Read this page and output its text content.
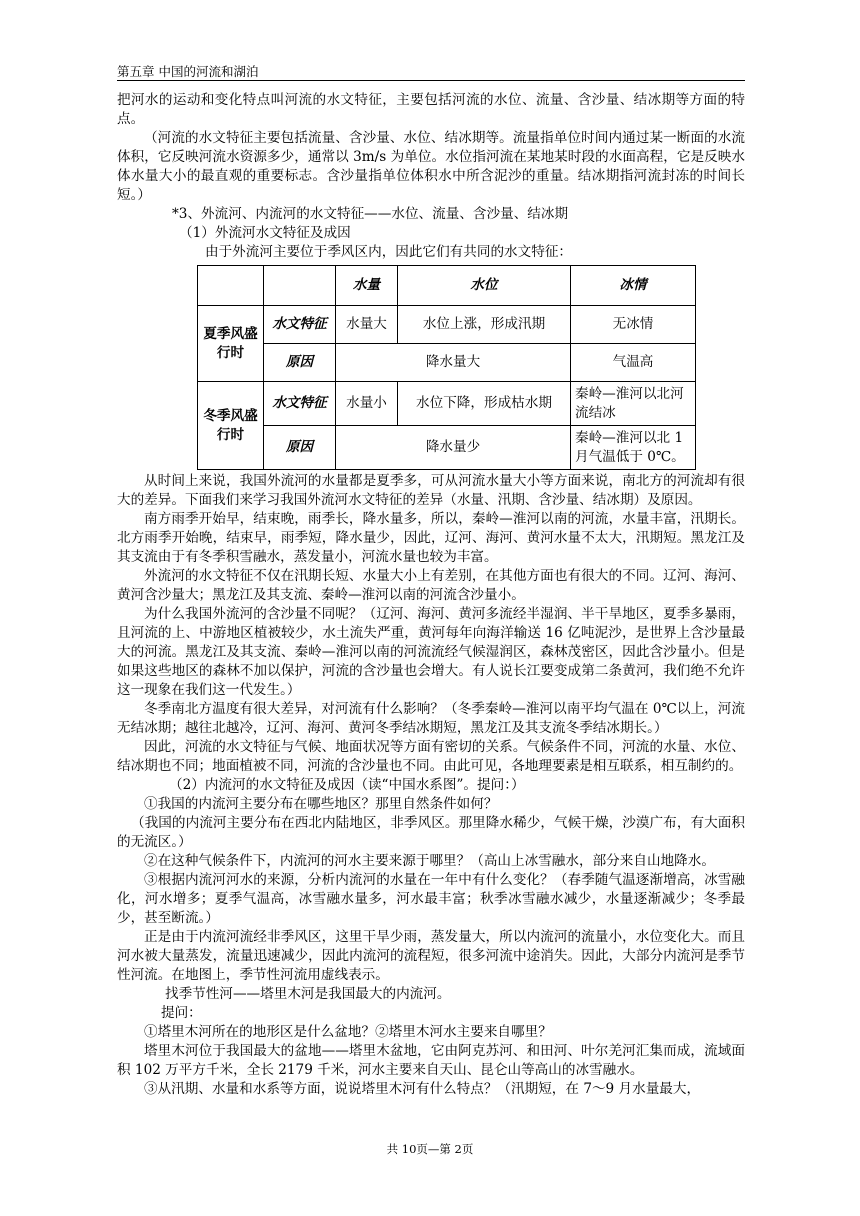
第五章 中国的河流和湖泊

把河水的运动和变化特点叫河流的水文特征，主要包括河流的水位、流量、含沙量、结冰期等方面的特点。

（河流的水文特征主要包括流量、含沙量、水位、结冰期等。流量指单位时间内通过某一断面的水流体积，它反映河流水资源多少，通常以 3m/s 为单位。水位指河流在某地某时段的水面高程，它是反映水体水量大小的最直观的重要标志。含沙量指单位体积水中所含泥沙的重量。结冰期指河流封冻的时间长短。）

*3、外流河、内流河的水文特征——水位、流量、含沙量、结冰期

（1）外流河水文特征及成因

由于外流河主要位于季风区内，因此它们有共同的水文特征：

		水量	水位	冰情
夏季风盛行时	水文特征	水量大	水位上涨，形成汛期	无冰情
	原因	降水量大		气温高
冬季风盛行时	水文特征	水量小	水位下降，形成枯水期	秦岭—淮河以北河流结冰
	原因	降水量少		秦岭—淮河以北 1 月气温低于 0℃。

从时间上来说，我国外流河的水量都是夏季多，可从河流水量大小等方面来说，南北方的河流却有很大的差异。下面我们来学习我国外流河水文特征的差异（水量、汛期、含沙量、结冰期）及原因。

南方雨季开始早，结束晚，雨季长，降水量多，所以，秦岭—淮河以南的河流，水量丰富，汛期长。北方雨季开始晚，结束早，雨季短，降水量少，因此，辽河、海河、黄河水量不太大，汛期短。黑龙江及其支流由于有冬季积雪融水，蒸发量小，河流水量也较为丰富。

外流河的水文特征不仅在汛期长短、水量大小上有差别，在其他方面也有很大的不同。辽河、海河、黄河含沙量大；黑龙江及其支流、秦岭—淮河以南的河流含沙量小。

为什么我国外流河的含沙量不同呢？（辽河、海河、黄河多流经半湿润、半干旱地区，夏季多暴雨，且河流的上、中游地区植被较少，水土流失严重，黄河每年向海洋输送 16 亿吨泥沙，是世界上含沙量最大的河流。黑龙江及其支流、秦岭—淮河以南的河流流经气候湿润区，森林茂密区，因此含沙量小。但是如果这些地区的森林不加以保护，河流的含沙量也会增大。有人说长江要变成第二条黄河，我们绝不允许这一现象在我们这一代发生。）

冬季南北方温度有很大差异，对河流有什么影响？（冬季秦岭—淮河以南平均气温在 0℃以上，河流无结冰期；越往北越冷，辽河、海河、黄河冬季结冰期短，黑龙江及其支流冬季结冰期长。）

因此，河流的水文特征与气候、地面状况等方面有密切的关系。气候条件不同，河流的水量、水位、结冰期也不同；地面植被不同，河流的含沙量也不同。由此可见，各地理要素是相互联系，相互制约的。

（2）内流河的水文特征及成因（读“中国水系图”。提问：）

①我国的内流河主要分布在哪些地区？那里自然条件如何？

（我国的内流河主要分布在西北内陆地区，非季风区。那里降水稀少，气候干燥，沙漠广布，有大面积的无流区。）

②在这种气候条件下，内流河的河水主要来源于哪里？（高山上冰雪融水，部分来自山地降水。

③根据内流河河水的来源，分析内流河的水量在一年中有什么变化？（春季随气温逐渐增高，冰雪融化，河水增多；夏季气温高，冰雪融水量多，河水最丰富；秋季冰雪融水减少，水量逐渐减少；冬季最少，甚至断流。）

正是由于内流河流经非季风区，这里干旱少雨，蒸发量大，所以内流河的流量小，水位变化大。而且河水被大量蒸发，流量迅速减少，因此内流河的流程短，很多河流中途消失。因此，大部分内流河是季节性河流。在地图上，季节性河流用虚线表示。

找季节性河——塔里木河是我国最大的内流河。

提问：

①塔里木河所在的地形区是什么盆地？②塔里木河水主要来自哪里？

塔里木河位于我国最大的盆地——塔里木盆地，它由阿克苏河、和田河、叶尔羌河汇集而成，流域面积 102 万平方千米，全长 2179 千米，河水主要来自天山、昆仑山等高山的冰雪融水。

③从汛期、水量和水系等方面，说说塔里木河有什么特点？（汛期短，在 7～9 月水量最大，

共 10页—第 2页
